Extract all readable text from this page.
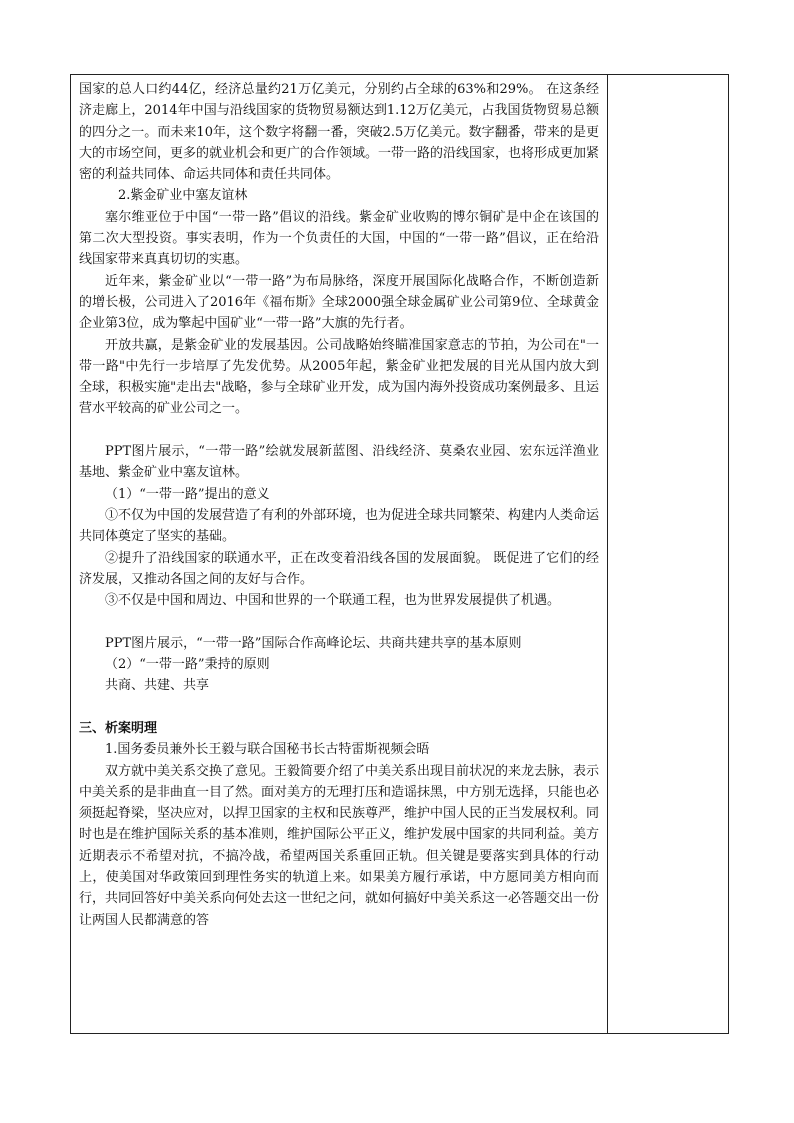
国家的总人口约44亿，经济总量约21万亿美元，分别约占全球的63%和29%。 在这条经济走廊上，2014年中国与沿线国家的货物贸易额达到1.12万亿美元，占我国货物贸易总额的四分之一。而未来10年，这个数字将翻一番，突破2.5万亿美元。数字翻番，带来的是更大的市场空间，更多的就业机会和更广的合作领域。一带一路的沿线国家，也将形成更加紧密的利益共同体、命运共同体和责任共同体。

2.紫金矿业中塞友谊林

塞尔维亚位于中国“一带一路”倡议的沿线。紫金矿业收购的博尔铜矿是中企在该国的第二次大型投资。事实表明，作为一个负责任的大国，中国的“一带一路”倡议，正在给沿线国家带来真真切切的实惠。

近年来，紫金矿业以“一带一路”为布局脉络，深度开展国际化战略合作，不断创造新的增长极，公司进入了2016年《福布斯》全球2000强全球金属矿业公司第9位、全球黄金企业第3位，成为擎起中国矿业“一带一路”大旗的先行者。

开放共赢，是紫金矿业的发展基因。公司战略始终瞄准国家意志的节拍，为公司在"一带一路"中先行一步培厚了先发优势。从2005年起，紫金矿业把发展的目光从国内放大到全球，积极实施"走出去"战略，参与全球矿业开发，成为国内海外投资成功案例最多、且运营水平较高的矿业公司之一。

PPT图片展示，“一带一路”绘就发展新蓝图、沿线经济、莫桑农业园、宏东远洋渔业基地、紫金矿业中塞友谊林。

（1）“一带一路”提出的意义

①不仅为中国的发展营造了有利的外部环境，也为促进全球共同繁荣、构建内人类命运共同体奠定了坚实的基础。

②提升了沿线国家的联通水平，正在改变着沿线各国的发展面貌。 既促进了它们的经济发展，又推动各国之间的友好与合作。

③不仅是中国和周边、中国和世界的一个联通工程，也为世界发展提供了机遇。

PPT图片展示，“一带一路”国际合作高峰论坛、共商共建共享的基本原则

（2）“一带一路”秉持的原则

共商、共建、共享

三、析案明理

1.国务委员兼外长王毅与联合国秘书长古特雷斯视频会晤

双方就中美关系交换了意见。王毅简要介绍了中美关系出现目前状况的来龙去脉，表示中美关系的是非曲直一目了然。面对美方的无理打压和造谣抹黑，中方别无选择，只能也必须挺起脊梁，坚决应对，以捍卫国家的主权和民族尊严，维护中国人民的正当发展权利。同时也是在维护国际关系的基本准则，维护国际公平正义，维护发展中国家的共同利益。美方近期表示不希望对抗，不搞冷战，希望两国关系重回正轨。但关键是要落实到具体的行动上，使美国对华政策回到理性务实的轨道上来。如果美方履行承诺，中方愿同美方相向而行，共同回答好中美关系向何处去这一世纪之问，就如何搞好中美关系这一必答题交出一份让两国人民都满意的答
